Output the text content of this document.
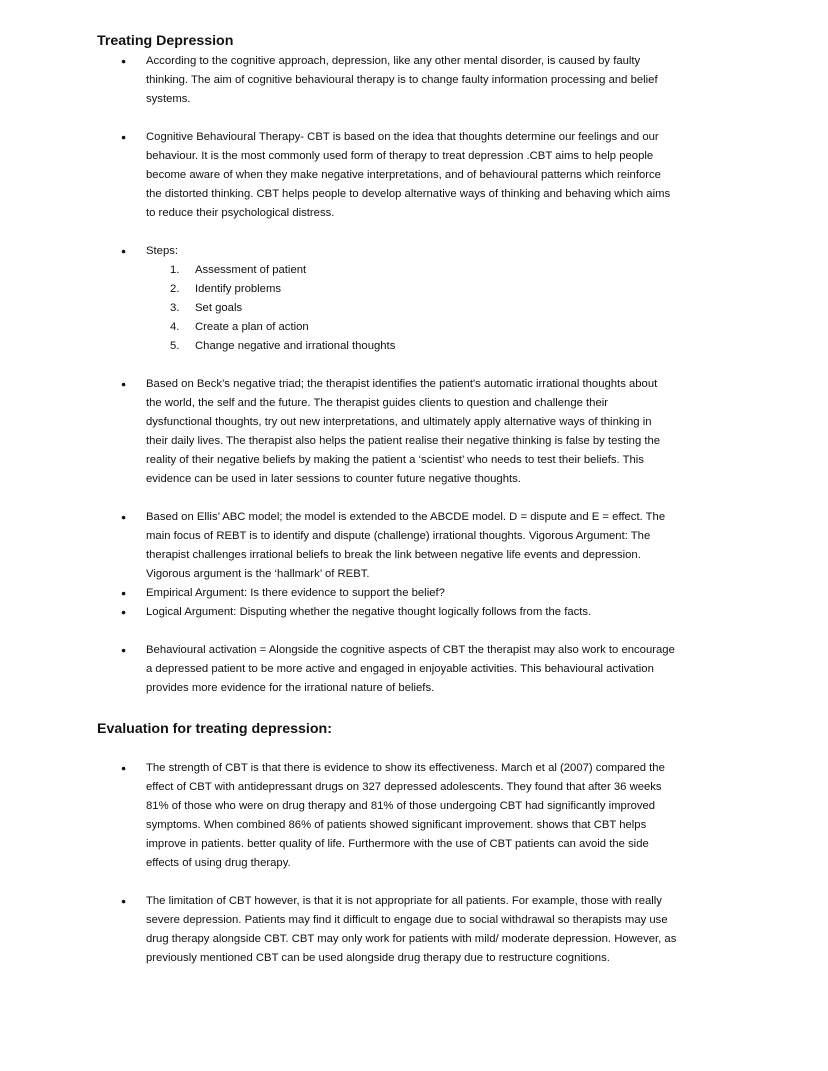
Treating Depression
● According to the cognitive approach, depression, like any other mental disorder, is caused by faulty
thinking. The aim of cognitive behavioural therapy is to change faulty information processing and belief
systems.
● Cognitive Behavioural Therapy- CBT is based on the idea that thoughts determine our feelings and our
behaviour. It is the most commonly used form of therapy to treat depression .CBT aims to help people
become aware of when they make negative interpretations, and of behavioural patterns which reinforce
the distorted thinking. CBT helps people to develop alternative ways of thinking and behaving which aims
to reduce their psychological distress.
● Steps:
1. Assessment of patient
2. Identify problems
3. Set goals
4. Create a plan of action
5. Change negative and irrational thoughts
● Based on Beck’s negative triad; the therapist identifies the patient's automatic irrational thoughts about
the world, the self and the future. The therapist guides clients to question and challenge their
dysfunctional thoughts, try out new interpretations, and ultimately apply alternative ways of thinking in
their daily lives. The therapist also helps the patient realise their negative thinking is false by testing the
reality of their negative beliefs by making the patient a ‘scientist’ who needs to test their beliefs. This
evidence can be used in later sessions to counter future negative thoughts.
● Based on Ellis’ ABC model; the model is extended to the ABCDE model. D = dispute and E = effect. The
main focus of REBT is to identify and dispute (challenge) irrational thoughts. Vigorous Argument: The
therapist challenges irrational beliefs to break the link between negative life events and depression.
Vigorous argument is the ‘hallmark’ of REBT.
● Empirical Argument: Is there evidence to support the belief?
● Logical Argument: Disputing whether the negative thought logically follows from the facts.
● Behavioural activation = Alongside the cognitive aspects of CBT the therapist may also work to encourage
a depressed patient to be more active and engaged in enjoyable activities. This behavioural activation
provides more evidence for the irrational nature of beliefs.
Evaluation for treating depression:
● The strength of CBT is that there is evidence to show its effectiveness. March et al (2007) compared the
effect of CBT with antidepressant drugs on 327 depressed adolescents. They found that after 36 weeks
81% of those who were on drug therapy and 81% of those undergoing CBT had significantly improved
symptoms. When combined 86% of patients showed significant improvement. shows that CBT helps
improve in patients. better quality of life. Furthermore with the use of CBT patients can avoid the side
effects of using drug therapy.
● The limitation of CBT however, is that it is not appropriate for all patients. For example, those with really
severe depression. Patients may find it difficult to engage due to social withdrawal so therapists may use
drug therapy alongside CBT. CBT may only work for patients with mild/ moderate depression. However, as
previously mentioned CBT can be used alongside drug therapy due to restructure cognitions.
